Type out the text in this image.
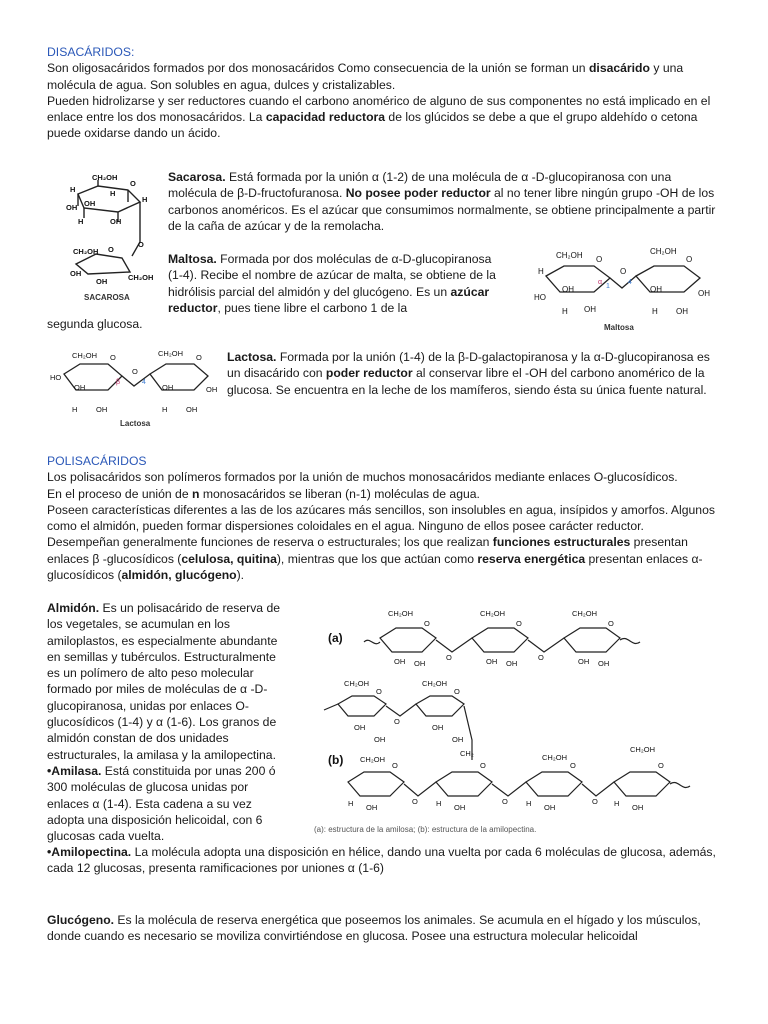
DISACÁRIDOS:

Son oligosacáridos formados por dos monosacáridos Como consecuencia de la unión se forman un disacárido y una molécula de agua. Son solubles en agua, dulces y cristalizables.

Pueden hidrolizarse y ser reductores cuando el carbono anomérico de alguno de sus componentes no está implicado en el enlace entre los dos monosacáridos. La capacidad reductora de los glúcidos se debe a que el grupo aldehído o cetona puede oxidarse dando un ácido.

CH₂OH
H
OH
H
OH
O
H
H	OH
O
CH₂OH
OH
O
CH₂OH
OH
SACAROSA

Sacarosa. Está formada por la unión α (1-2) de una molécula de α -D-glucopiranosa con una molécula de β-D-fructofuranosa. No posee poder reductor al no tener libre ningún grupo -OH de los carbonos anoméricos. Es el azúcar que consumimos normalmente, se obtiene principalmente a partir de la caña de azúcar y de la remolacha.

Maltosa. Formada por dos moléculas de α-D-glucopiranosa (1-4). Recibe el nombre de azúcar de malta, se obtiene de la hidrólisis parcial del almidón y del glucógeno. Es un azúcar reductor, pues tiene libre el carbono 1 de la

segunda glucosa.
CH₂OH	CH₂OH
H
HO
OH
OH
H
O
O
O
OH	OH
OH
H
α	4
1
Maltosa
CH₂OH	CH₂OH
HO
OH
OH
H
O
O
O
OH	OH
OH
H
β	4
Lactosa

Lactosa. Formada por la unión (1-4) de la β-D-galactopiranosa y la α-D-glucopiranosa es un disacárido con poder reductor al conservar libre el -OH del carbono anomérico de la glucosa. Se encuentra en la leche de los mamíferos, siendo ésta su única fuente natural.

POLISACÁRIDOS

Los polisacáridos son polímeros formados por la unión de muchos monosacáridos mediante enlaces O-glucosídicos.

En el proceso de unión de n monosacáridos se liberan (n-1) moléculas de agua.

Poseen características diferentes a las de los azúcares más sencillos, son insolubles en agua, insípidos y amorfos. Algunos como el almidón, pueden formar dispersiones coloidales en el agua. Ninguno de ellos posee carácter reductor.

Desempeñan generalmente funciones de reserva o estructurales; los que realizan funciones estructurales presentan enlaces β -glucosídicos (celulosa, quitina), mientras que los que actúan como reserva energética presentan enlaces α-glucosídicos (almidón, glucógeno).

Almidón. Es un polisacárido de reserva de los vegetales, se acumulan en los amiloplastos, es especialmente abundante en semillas y tubérculos. Estructuralmente es un polímero de alto peso molecular formado por miles de moléculas de α -D-glucopiranosa, unidas por enlaces O-glucosídicos (1-4) y α (1-6). Los granos de almidón constan de dos unidades estructurales, la amilasa y la amilopectina.

•Amilasa. Está constituida por unas 200 ó 300 moléculas de glucosa unidas por enlaces α (1-4). Esta cadena a su vez adopta una disposición helicoidal, con 6 glucosas cada vuelta.

(a)
(b)
CH₂OH	CH₂OH	CH₂OH
O	O	O
OH	OH	OH
OH	OH	OH
O	O
CH₂OH	CH₂OH
O	O
O
OH	OH
OH	OH
CH₂
CH₂OH	CH₂OH
CH₂OH
O	O	O	O
O	O	O
OH	OH	OH	OH
H	H	H	H
(a): estructura de la amilosa; (b): estructura de la amilopectina.

•Amilopectina. La molécula adopta una disposición en hélice, dando una vuelta por cada 6 moléculas de glucosa, además, cada 12 glucosas, presenta ramificaciones por uniones α (1-6)

Glucógeno. Es la molécula de reserva energética que poseemos los animales. Se acumula en el hígado y los músculos, donde cuando es necesario se moviliza convirtiéndose en glucosa. Posee una estructura molecular helicoidal
